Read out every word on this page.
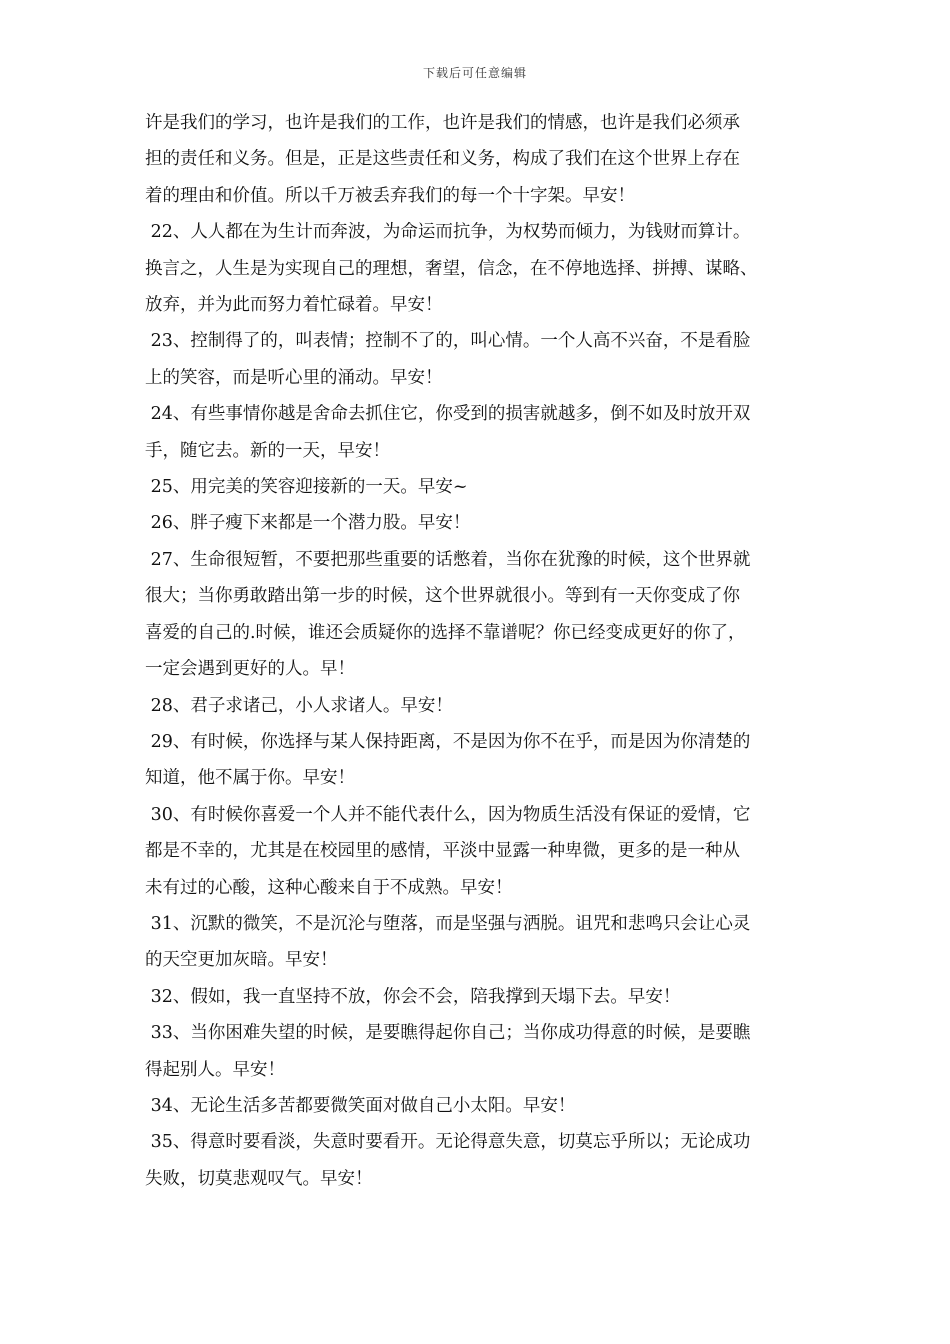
下载后可任意编辑

许是我们的学习，也许是我们的工作，也许是我们的情感，也许是我们必须承

担的责任和义务。但是，正是这些责任和义务，构成了我们在这个世界上存在

着的理由和价值。所以千万被丢弃我们的每一个十字架。早安！

22、人人都在为生计而奔波，为命运而抗争，为权势而倾力，为钱财而算计。

换言之，人生是为实现自己的理想，奢望，信念，在不停地选择、拼搏、谋略、

放弃，并为此而努力着忙碌着。早安！

23、控制得了的，叫表情；控制不了的，叫心情。一个人高不兴奋，不是看脸

上的笑容，而是听心里的涌动。早安！

24、有些事情你越是舍命去抓住它，你受到的损害就越多，倒不如及时放开双

手，随它去。新的一天，早安！

25、用完美的笑容迎接新的一天。早安~

26、胖子瘦下来都是一个潜力股。早安！

27、生命很短暂，不要把那些重要的话憋着，当你在犹豫的时候，这个世界就

很大；当你勇敢踏出第一步的时候，这个世界就很小。等到有一天你变成了你

喜爱的自己的.时候，谁还会质疑你的选择不靠谱呢？你已经变成更好的你了，

一定会遇到更好的人。早！

28、君子求诸己，小人求诸人。早安！

29、有时候，你选择与某人保持距离，不是因为你不在乎，而是因为你清楚的

知道，他不属于你。早安！

30、有时候你喜爱一个人并不能代表什么，因为物质生活没有保证的爱情，它

都是不幸的，尤其是在校园里的感情，平淡中显露一种卑微，更多的是一种从

未有过的心酸，这种心酸来自于不成熟。早安！

31、沉默的微笑，不是沉沦与堕落，而是坚强与洒脱。诅咒和悲鸣只会让心灵

的天空更加灰暗。早安！

32、假如，我一直坚持不放，你会不会，陪我撑到天塌下去。早安！

33、当你困难失望的时候，是要瞧得起你自己；当你成功得意的时候，是要瞧

得起别人。早安！

34、无论生活多苦都要微笑面对做自己小太阳。早安！

35、得意时要看淡，失意时要看开。无论得意失意，切莫忘乎所以；无论成功

失败，切莫悲观叹气。早安！
